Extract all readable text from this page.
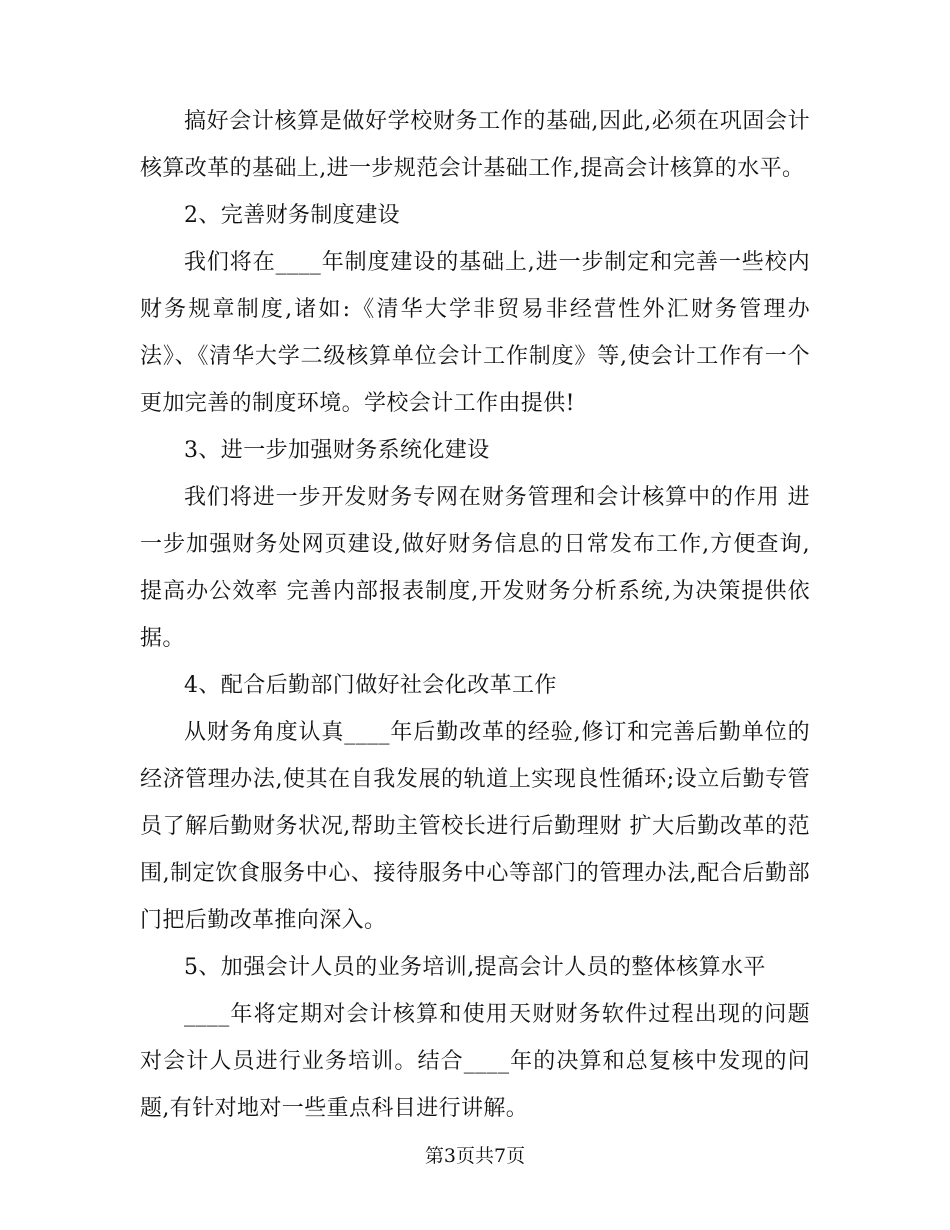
搞好会计核算是做好学校财务工作的基础,因此,必须在巩固会计核算改革的基础上,进一步规范会计基础工作,提高会计核算的水平。

2、完善财务制度建设

我们将在____年制度建设的基础上,进一步制定和完善一些校内财务规章制度,诸如:《清华大学非贸易非经营性外汇财务管理办法》、《清华大学二级核算单位会计工作制度》等,使会计工作有一个更加完善的制度环境。学校会计工作由提供!

3、进一步加强财务系统化建设

我们将进一步开发财务专网在财务管理和会计核算中的作用 进一步加强财务处网页建设,做好财务信息的日常发布工作,方便查询,提高办公效率 完善内部报表制度,开发财务分析系统,为决策提供依据。

4、配合后勤部门做好社会化改革工作

从财务角度认真____年后勤改革的经验,修订和完善后勤单位的经济管理办法,使其在自我发展的轨道上实现良性循环;设立后勤专管员了解后勤财务状况,帮助主管校长进行后勤理财 扩大后勤改革的范围,制定饮食服务中心、接待服务中心等部门的管理办法,配合后勤部门把后勤改革推向深入。

5、加强会计人员的业务培训,提高会计人员的整体核算水平

____年将定期对会计核算和使用天财财务软件过程出现的问题对会计人员进行业务培训。结合____年的决算和总复核中发现的问题,有针对地对一些重点科目进行讲解。

第3页共7页
